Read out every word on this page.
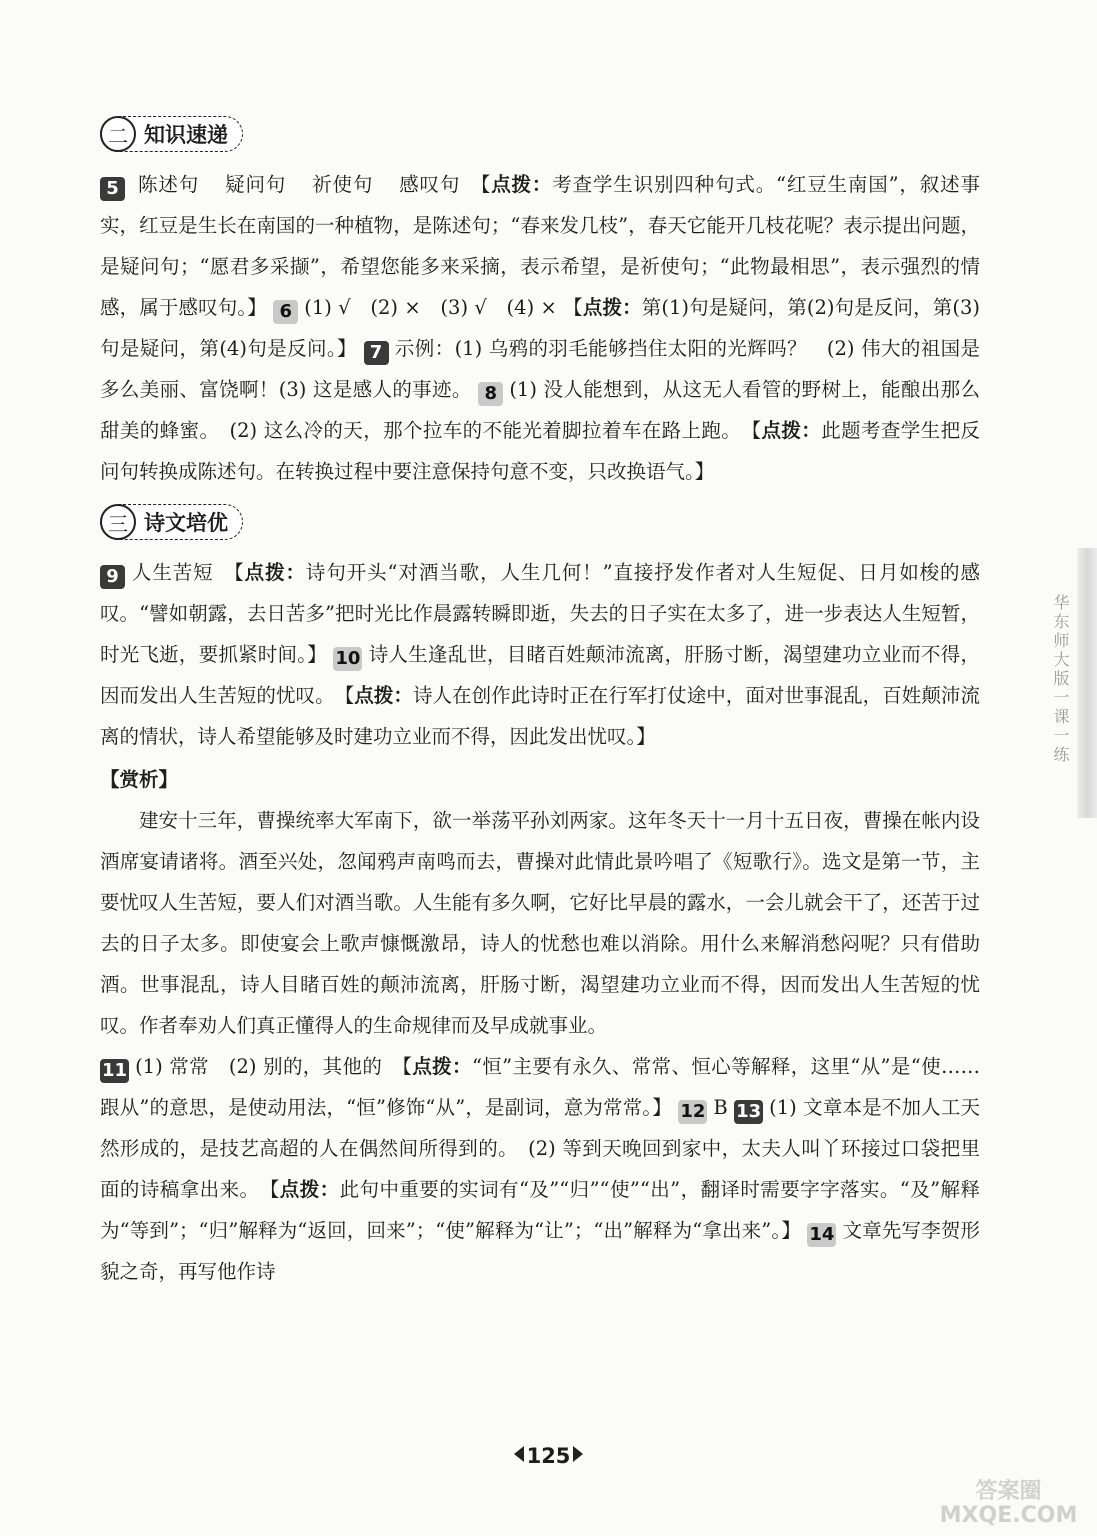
二 知识速递

5 陈述句 疑问句 祈使句 感叹句　【点拨：考查学生识别四种句式。“红豆生南国”，叙述事实，红豆是生长在南国的一种植物，是陈述句；“春来发几枝”，春天它能开几枝花呢？表示提出问题，是疑问句；“愿君多采撷”，希望您能多来采摘，表示希望，是祈使句；“此物最相思”，表示强烈的情感，属于感叹句。】 6 (1) √　(2) ×　(3) √　(4) × 【点拨：第(1)句是疑问，第(2)句是反问，第(3)句是疑问，第(4)句是反问。】 7 示例：(1) 乌鸦的羽毛能够挡住太阳的光辉吗？　(2) 伟大的祖国是多么美丽、富饶啊！(3) 这是感人的事迹。 8 (1) 没人能想到，从这无人看管的野树上，能酿出那么甜美的蜂蜜。　(2) 这么冷的天，那个拉车的不能光着脚拉着车在路上跑。　【点拨：此题考查学生把反问句转换成陈述句。在转换过程中要注意保持句意不变，只改换语气。】

三 诗文培优

9 人生苦短　【点拨：诗句开头“对酒当歌，人生几何！”直接抒发作者对人生短促、日月如梭的感叹。“譬如朝露，去日苦多”把时光比作晨露转瞬即逝，失去的日子实在太多了，进一步表达人生短暂，时光飞逝，要抓紧时间。】 10 诗人生逢乱世，目睹百姓颠沛流离，肝肠寸断，渴望建功立业而不得，因而发出人生苦短的忧叹。　【点拨：诗人在创作此诗时正在行军打仗途中，面对世事混乱，百姓颠沛流离的情状，诗人希望能够及时建功立业而不得，因此发出忧叹。】

【赏析】

建安十三年，曹操统率大军南下，欲一举荡平孙刘两家。这年冬天十一月十五日夜，曹操在帐内设酒席宴请诸将。酒至兴处，忽闻鸦声南鸣而去，曹操对此情此景吟唱了《短歌行》。选文是第一节，主要忧叹人生苦短，要人们对酒当歌。人生能有多久啊，它好比早晨的露水，一会儿就会干了，还苦于过去的日子太多。即使宴会上歌声慷慨激昂，诗人的忧愁也难以消除。用什么来解消愁闷呢？只有借助酒。世事混乱，诗人目睹百姓的颠沛流离，肝肠寸断，渴望建功立业而不得，因而发出人生苦短的忧叹。作者奉劝人们真正懂得人的生命规律而及早成就事业。

11 (1) 常常　(2) 别的，其他的　【点拨：“恒”主要有永久、常常、恒心等解释，这里“从”是“使……跟从”的意思，是使动用法，“恒”修饰“从”，是副词，意为常常。】 12 B 13 (1) 文章本是不加人工天然形成的，是技艺高超的人在偶然间所得到的。　(2) 等到天晚回到家中，太夫人叫丫环接过口袋把里面的诗稿拿出来。　【点拨：此句中重要的实词有“及”“归”“使”“出”，翻译时需要字字落实。“及”解释为“等到”；“归”解释为“返回，回来”；“使”解释为“让”；“出”解释为“拿出来”。】 14 文章先写李贺形貌之奇，再写他作诗

125
华东师大版一课一练
答案圈
MXQE.COM
